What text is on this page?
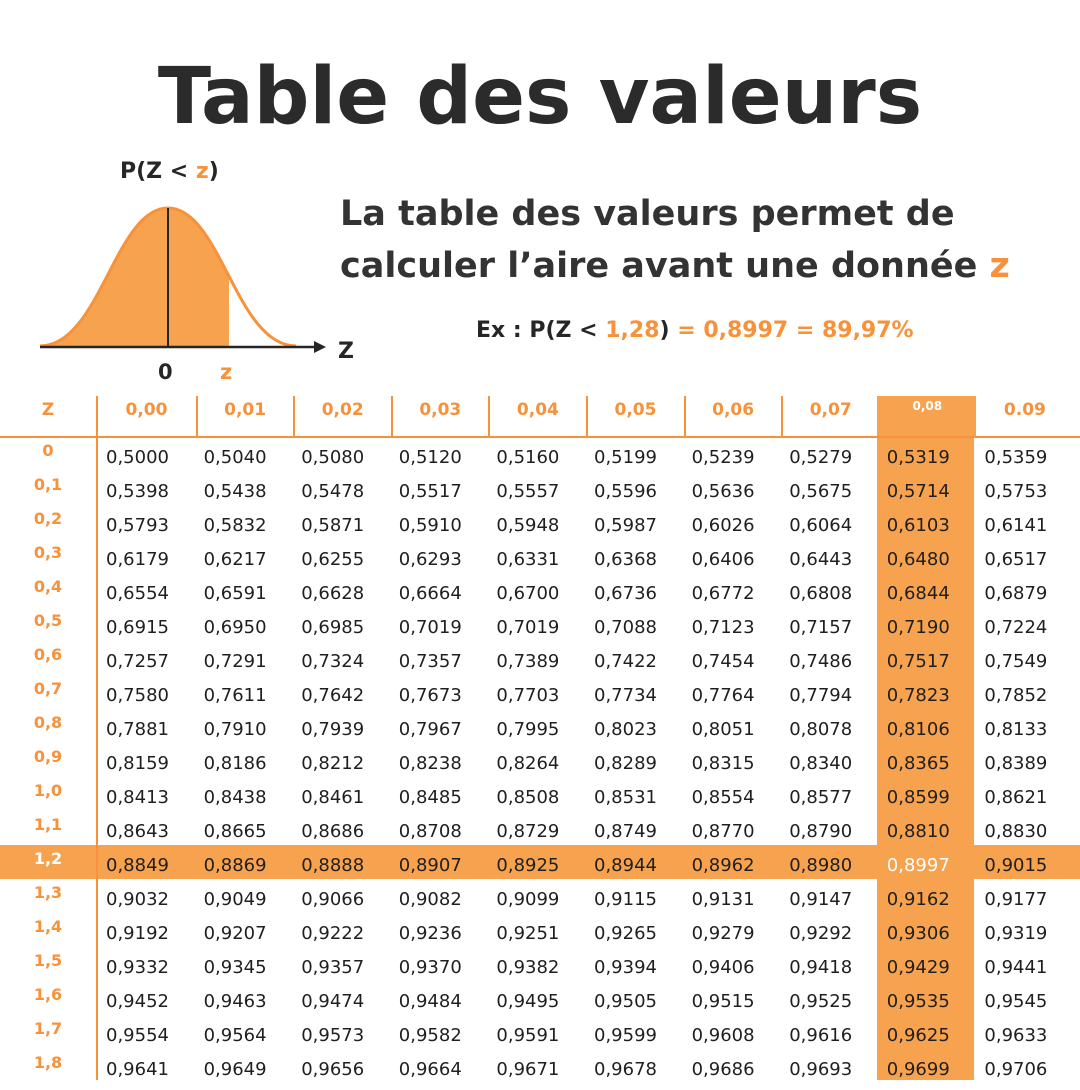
Table des valeurs
P(Z < z)
0 z
Z

La table des valeurs permet de
calculer l’aire avant une donnée z

Ex : P(Z < 1,28) = 0,8997 = 89,97%
Z	0,00	0,01	0,02	0,03	0,04	0,05	0,06	0,07	0,08	0.09
0	0,5000	0,5040	0,5080	0,5120	0,5160	0,5199	0,5239	0,5279	0,5319	0,5359
0,1	0,5398	0,5438	0,5478	0,5517	0,5557	0,5596	0,5636	0,5675	0,5714	0,5753
0,2	0,5793	0,5832	0,5871	0,5910	0,5948	0,5987	0,6026	0,6064	0,6103	0,6141
0,3	0,6179	0,6217	0,6255	0,6293	0,6331	0,6368	0,6406	0,6443	0,6480	0,6517
0,4	0,6554	0,6591	0,6628	0,6664	0,6700	0,6736	0,6772	0,6808	0,6844	0,6879
0,5	0,6915	0,6950	0,6985	0,7019	0,7019	0,7088	0,7123	0,7157	0,7190	0,7224
0,6	0,7257	0,7291	0,7324	0,7357	0,7389	0,7422	0,7454	0,7486	0,7517	0,7549
0,7	0,7580	0,7611	0,7642	0,7673	0,7703	0,7734	0,7764	0,7794	0,7823	0,7852
0,8	0,7881	0,7910	0,7939	0,7967	0,7995	0,8023	0,8051	0,8078	0,8106	0,8133
0,9	0,8159	0,8186	0,8212	0,8238	0,8264	0,8289	0,8315	0,8340	0,8365	0,8389
1,0	0,8413	0,8438	0,8461	0,8485	0,8508	0,8531	0,8554	0,8577	0,8599	0,8621
1,1	0,8643	0,8665	0,8686	0,8708	0,8729	0,8749	0,8770	0,8790	0,8810	0,8830
1,2	0,8849	0,8869	0,8888	0,8907	0,8925	0,8944	0,8962	0,8980	0,8997	0,9015
1,3	0,9032	0,9049	0,9066	0,9082	0,9099	0,9115	0,9131	0,9147	0,9162	0,9177
1,4	0,9192	0,9207	0,9222	0,9236	0,9251	0,9265	0,9279	0,9292	0,9306	0,9319
1,5	0,9332	0,9345	0,9357	0,9370	0,9382	0,9394	0,9406	0,9418	0,9429	0,9441
1,6	0,9452	0,9463	0,9474	0,9484	0,9495	0,9505	0,9515	0,9525	0,9535	0,9545
1,7	0,9554	0,9564	0,9573	0,9582	0,9591	0,9599	0,9608	0,9616	0,9625	0,9633
1,8	0,9641	0,9649	0,9656	0,9664	0,9671	0,9678	0,9686	0,9693	0,9699	0,9706
